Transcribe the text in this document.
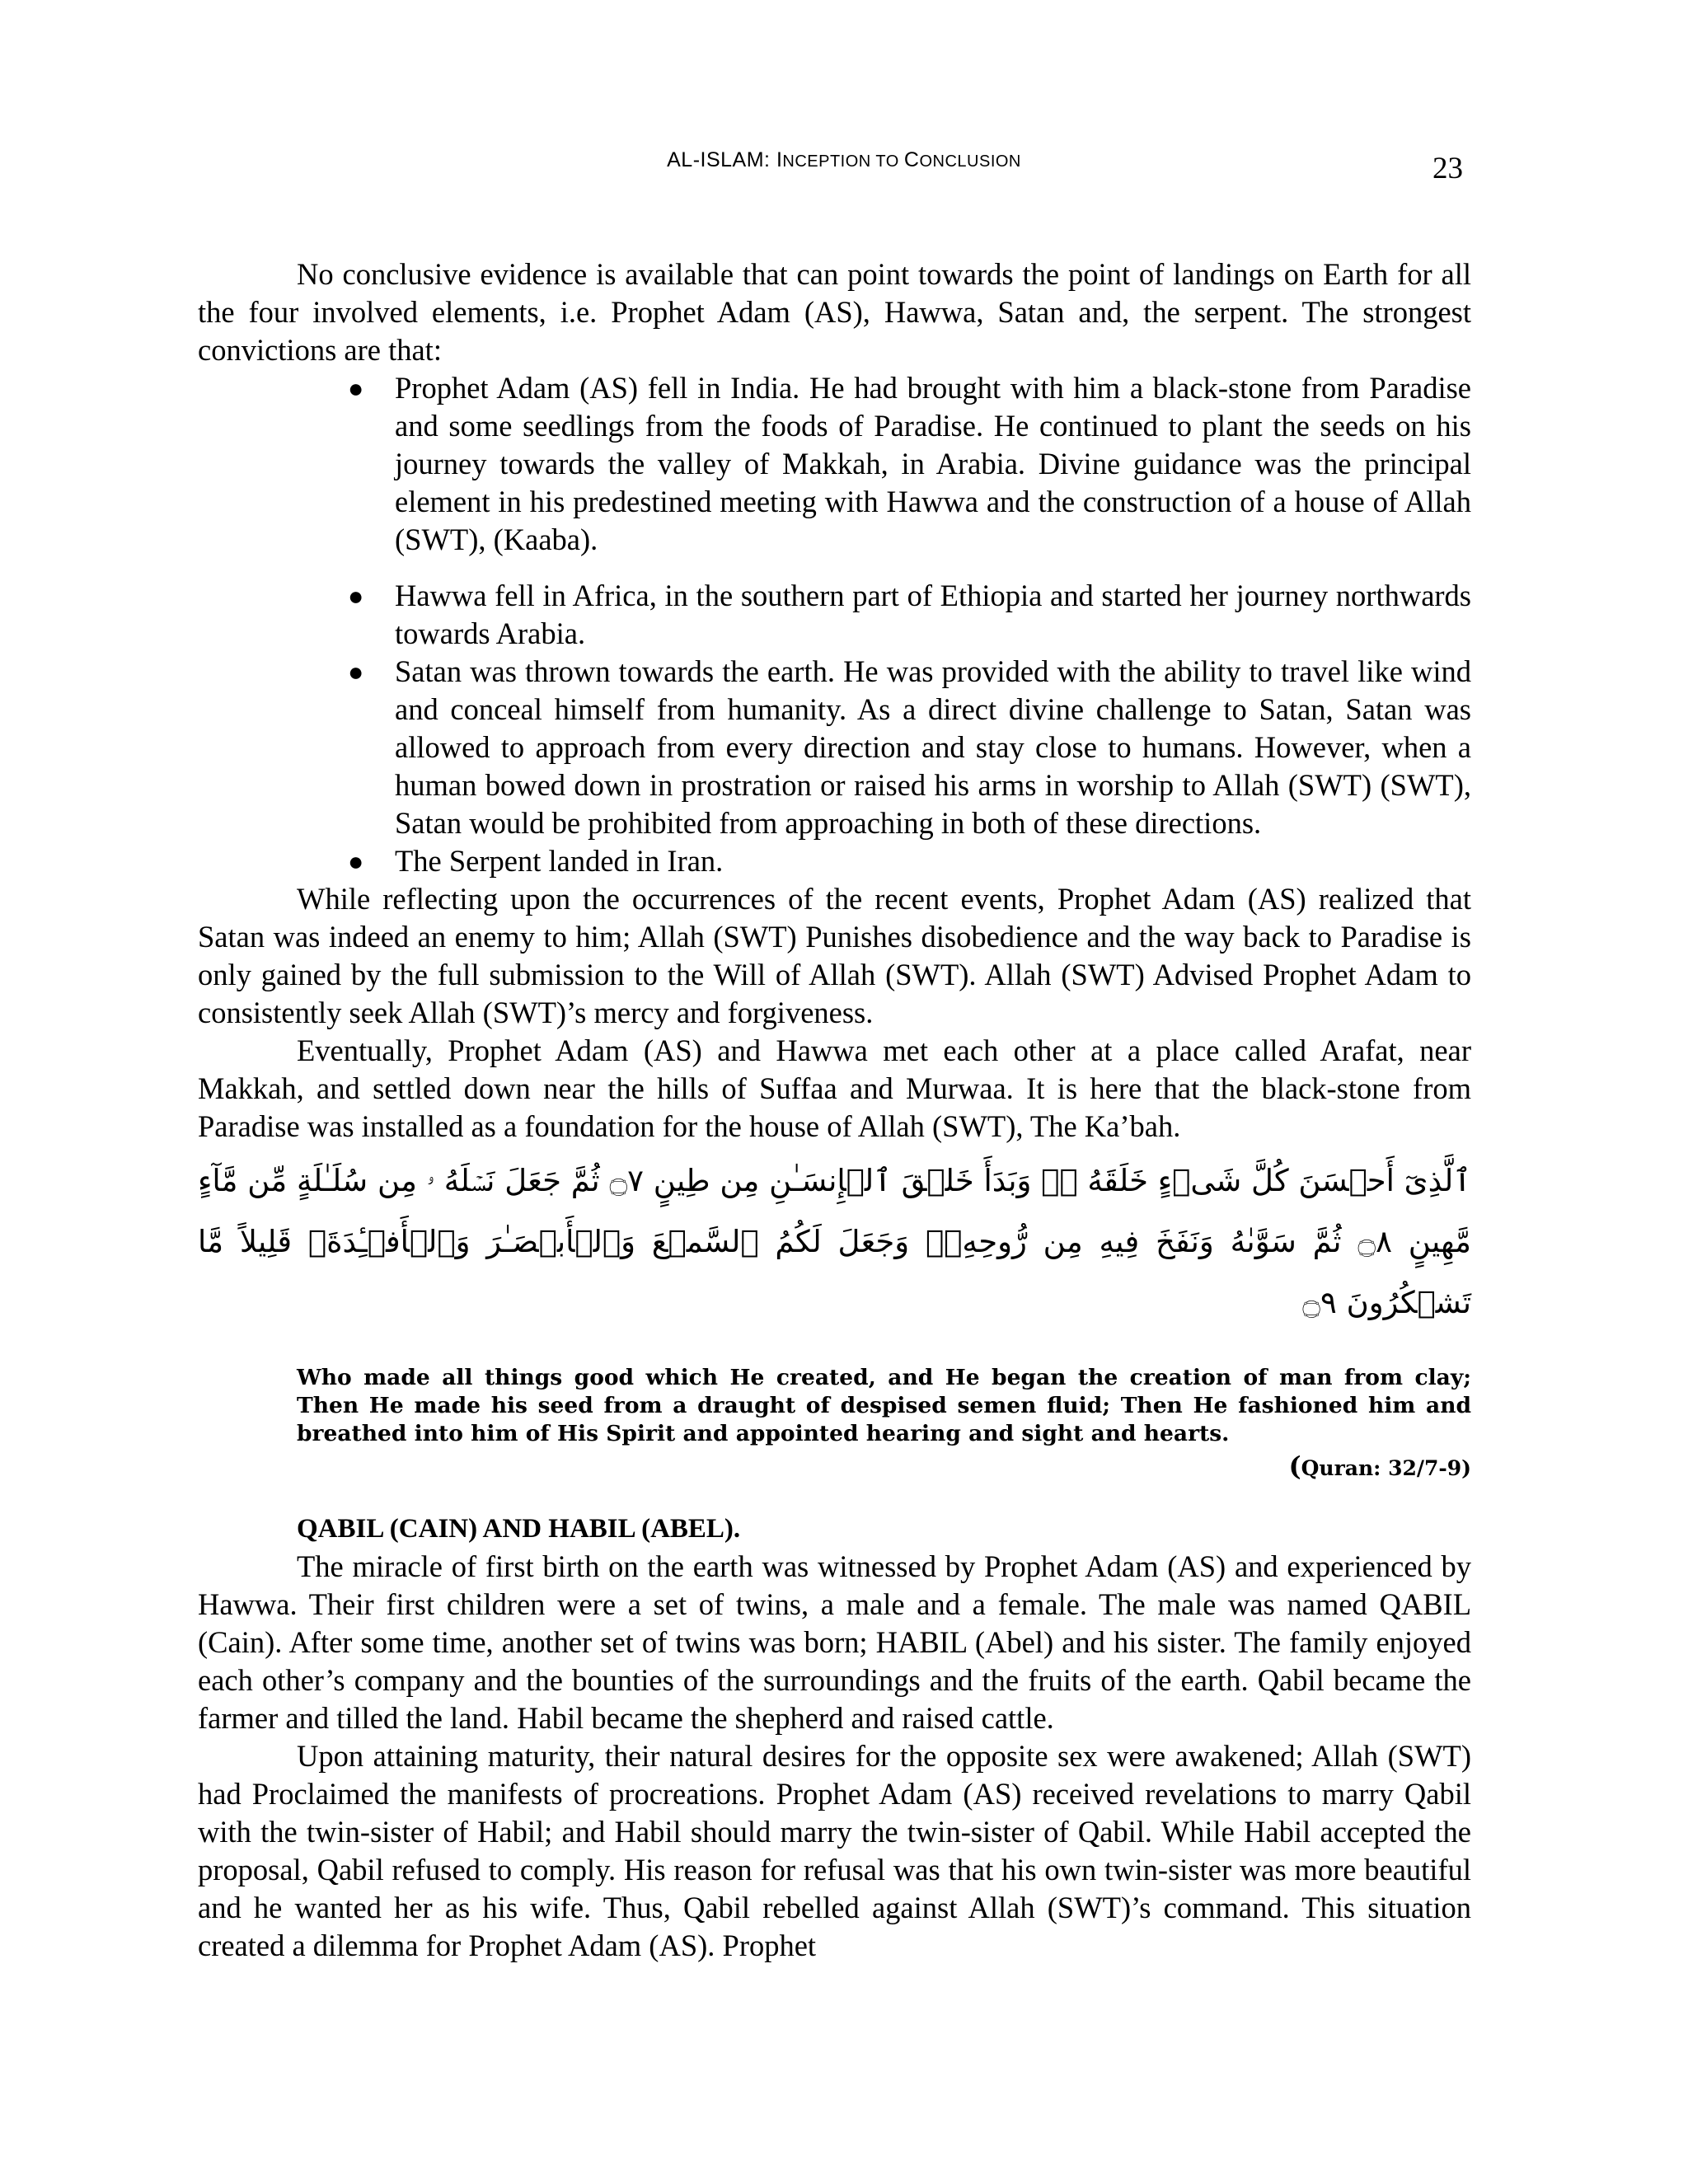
AL-ISLAM: INCEPTION TO CONCLUSION	23

No conclusive evidence is available that can point towards the point of landings on Earth for all the four involved elements, i.e. Prophet Adam (AS), Hawwa, Satan and, the serpent. The strongest convictions are that:

● Prophet Adam (AS) fell in India. He had brought with him a black-stone from Paradise and some seedlings from the foods of Paradise. He continued to plant the seeds on his journey towards the valley of Makkah, in Arabia. Divine guidance was the principal element in his predestined meeting with Hawwa and the construction of a house of Allah (SWT), (Kaaba).
● Hawwa fell in Africa, in the southern part of Ethiopia and started her journey northwards towards Arabia.
● Satan was thrown towards the earth. He was provided with the ability to travel like wind and conceal himself from humanity. As a direct divine challenge to Satan, Satan was allowed to approach from every direction and stay close to humans. However, when a human bowed down in prostration or raised his arms in worship to Allah (SWT) (SWT), Satan would be prohibited from approaching in both of these directions.
● The Serpent landed in Iran.

While reflecting upon the occurrences of the recent events, Prophet Adam (AS) realized that Satan was indeed an enemy to him; Allah (SWT) Punishes disobedience and the way back to Paradise is only gained by the full submission to the Will of Allah (SWT). Allah (SWT) Advised Prophet Adam to consistently seek Allah (SWT)’s mercy and forgiveness.

Eventually, Prophet Adam (AS) and Hawwa met each other at a place called Arafat, near Makkah, and settled down near the hills of Suffaa and Murwaa. It is here that the black-stone from Paradise was installed as a foundation for the house of Allah (SWT), The Ka’bah.

ٱلَّذِىٓ أَحۡسَنَ كُلَّ شَىۡءٍ خَلَقَهُ ۥ‌ۖ وَبَدَأَ خَلۡقَ ٱلۡإِنسَـٰنِ مِن طِينٍ ۝٧ ثُمَّ جَعَلَ نَسۡلَهُ ۥ مِن سُلَـٰلَةٍ مِّن مَّآءٍ مَّهِينٍ ۝٨ ثُمَّ سَوَّٮٰهُ وَنَفَخَ فِيهِ مِن رُّوحِهِۦ‌ۖ وَجَعَلَ لَكُمُ ٱلسَّمۡعَ وَٱلۡأَبۡصَـٰرَ وَٱلۡأَفۡـِٔدَةَ‌ۚ قَلِيلاً مَّا تَشۡكُرُونَ ۝٩

Who made all things good which He created, and He began the creation of man from clay; Then He made his seed from a draught of despised semen fluid; Then He fashioned him and breathed into him of His Spirit and appointed hearing and sight and hearts.

(Quran: 32/7-9)
QABIL (CAIN) AND HABIL (ABEL).

The miracle of first birth on the earth was witnessed by Prophet Adam (AS) and experienced by Hawwa. Their first children were a set of twins, a male and a female. The male was named QABIL (Cain). After some time, another set of twins was born; HABIL (Abel) and his sister. The family enjoyed each other’s company and the bounties of the surroundings and the fruits of the earth. Qabil became the farmer and tilled the land. Habil became the shepherd and raised cattle.

Upon attaining maturity, their natural desires for the opposite sex were awakened; Allah (SWT) had Proclaimed the manifests of procreations. Prophet Adam (AS) received revelations to marry Qabil with the twin-sister of Habil; and Habil should marry the twin-sister of Qabil. While Habil accepted the proposal, Qabil refused to comply. His reason for refusal was that his own twin-sister was more beautiful and he wanted her as his wife. Thus, Qabil rebelled against Allah (SWT)’s command. This situation created a dilemma for Prophet Adam (AS). Prophet
